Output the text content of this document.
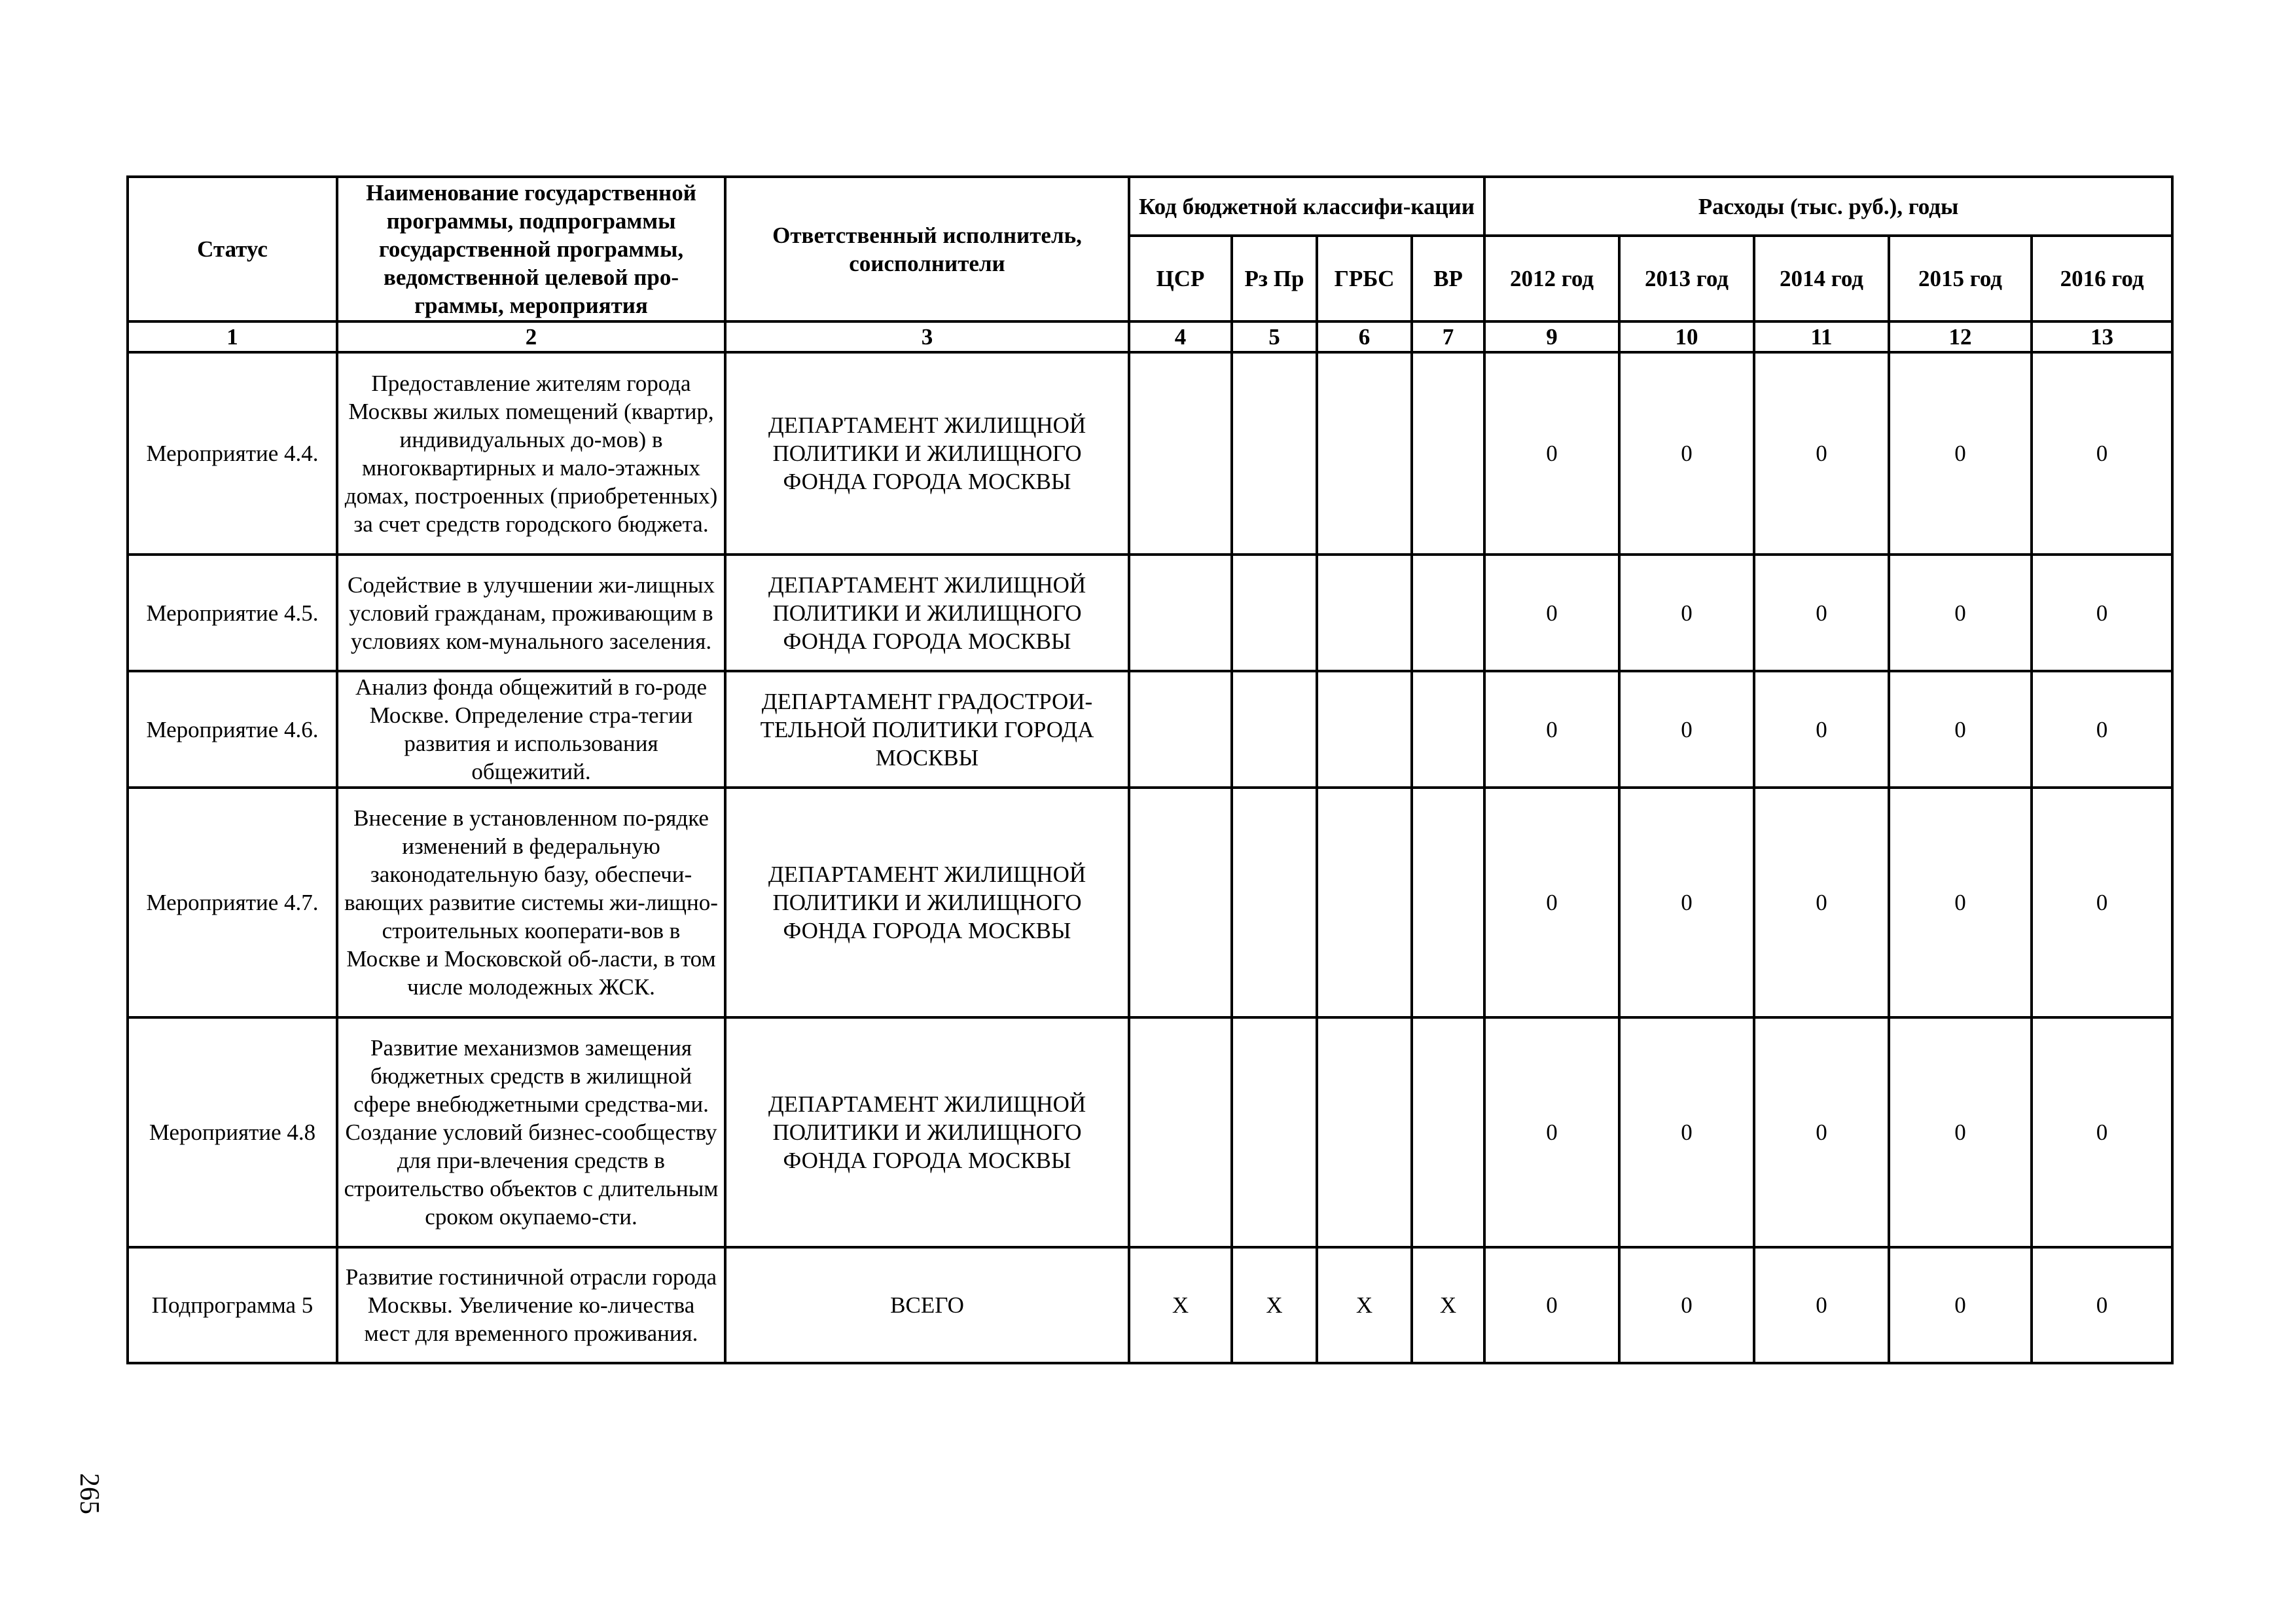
Статус	Наименование государственной программы, подпрограммы государственной программы, ведомственной целевой про-граммы, мероприятия	Ответственный исполнитель, соисполнители	Код бюджетной классифи-кации				Расходы (тыс. руб.), годы				
			ЦСР	Рз Пр	ГРБС	ВР	2012 год	2013 год	2014 год	2015 год	2016 год
1	2	3	4	5	6	7	9	10	11	12	13
Мероприятие 4.4.	Предоставление жителям города Москвы жилых помещений (квартир, индивидуальных до-мов) в многоквартирных и мало-этажных домах, построенных (приобретенных) за счет средств городского бюджета.	ДЕПАРТАМЕНТ ЖИЛИЩНОЙ ПОЛИТИКИ И ЖИЛИЩНОГО ФОНДА ГОРОДА МОСКВЫ					0	0	0	0	0
Мероприятие 4.5.	Содействие в улучшении жи-лищных условий гражданам, проживающим в условиях ком-мунального заселения.	ДЕПАРТАМЕНТ ЖИЛИЩНОЙ ПОЛИТИКИ И ЖИЛИЩНОГО ФОНДА ГОРОДА МОСКВЫ					0	0	0	0	0
Мероприятие 4.6.	Анализ фонда общежитий в го-роде Москве. Определение стра-тегии развития и использования общежитий.	ДЕПАРТАМЕНТ ГРАДОСТРОИ-ТЕЛЬНОЙ ПОЛИТИКИ ГОРОДА МОСКВЫ					0	0	0	0	0
Мероприятие 4.7.	Внесение в установленном по-рядке изменений в федеральную законодательную базу, обеспечи-вающих развитие системы жи-лищно-строительных кооперати-вов в Москве и Московской об-ласти, в том числе молодежных ЖСК.	ДЕПАРТАМЕНТ ЖИЛИЩНОЙ ПОЛИТИКИ И ЖИЛИЩНОГО ФОНДА ГОРОДА МОСКВЫ					0	0	0	0	0
Мероприятие 4.8	Развитие механизмов замещения бюджетных средств в жилищной сфере внебюджетными средства-ми. Создание условий бизнес-сообществу для при-влечения средств в строительство объектов с длительным сроком окупаемо-сти.	ДЕПАРТАМЕНТ ЖИЛИЩНОЙ ПОЛИТИКИ И ЖИЛИЩНОГО ФОНДА ГОРОДА МОСКВЫ					0	0	0	0	0
Подпрограмма 5	Развитие гостиничной отрасли города Москвы. Увеличение ко-личества мест для временного проживания.	ВСЕГО	X	X	X	X	0	0	0	0	0
265
